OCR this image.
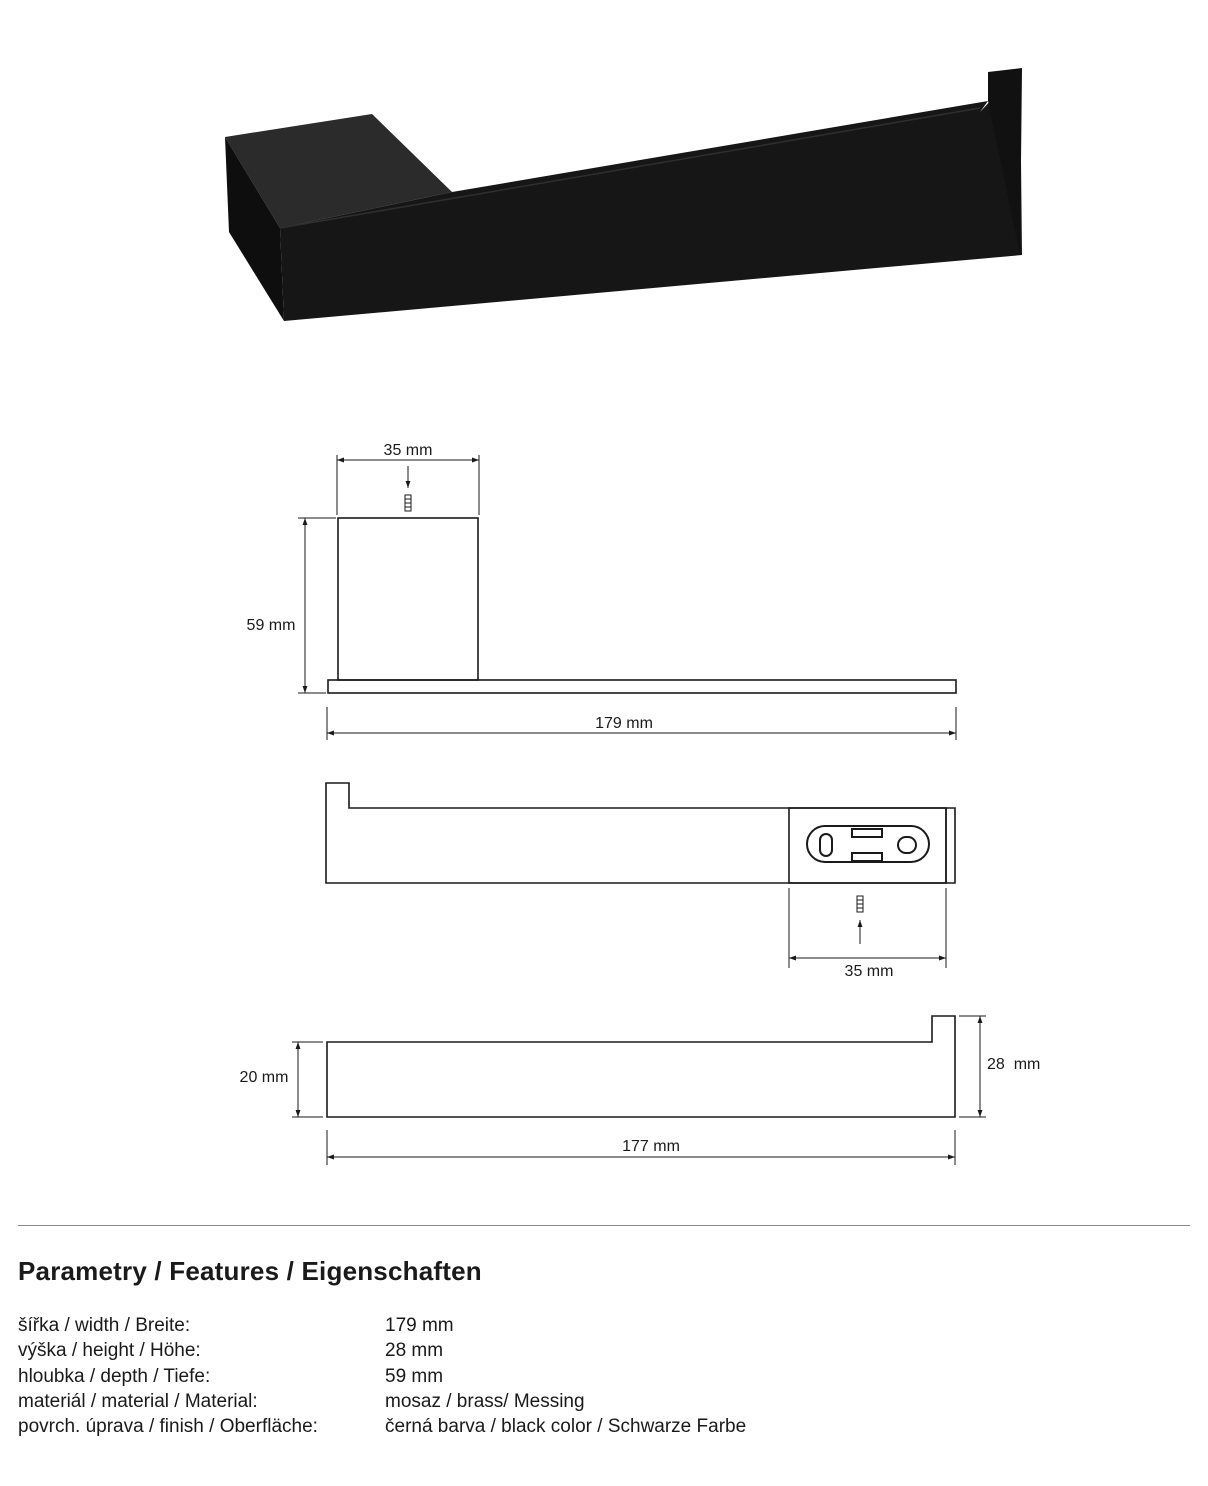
35 mm
59 mm
179 mm
35 mm
20 mm
28  mm
177 mm
Parametry / Features / Eigenschaften
šířka / width / Breite:	179 mm
výška / height / Höhe:	28 mm
hloubka / depth / Tiefe:	59 mm
materiál / material / Material:	mosaz / brass/ Messing
povrch. úprava / finish / Oberfläche:	černá barva / black color / Schwarze Farbe
